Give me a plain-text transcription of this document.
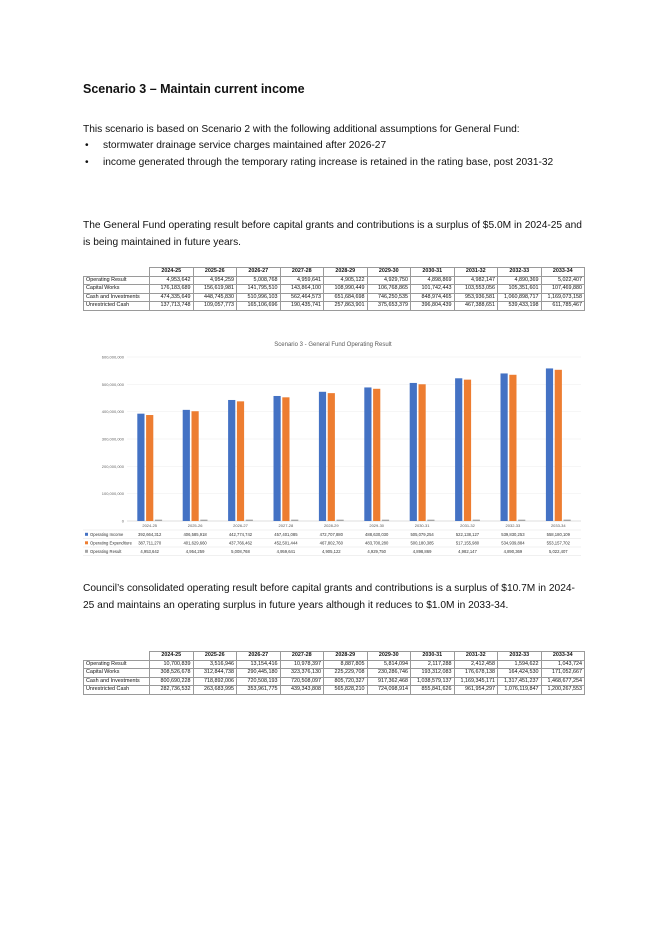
Scenario 3 – Maintain current income

This scenario is based on Scenario 2 with the following additional assumptions for General Fund:

• stormwater drainage service charges maintained after 2026-27
• income generated through the temporary rating increase is retained in the rating base, post 2031-32

The General Fund operating result before capital grants and contributions is a surplus of $5.0M in 2024-25 and is being maintained in future years.

	2024-25	2025-26	2026-27	2027-28	2028-29	2029-30	2030-31	2031-32	2032-33	2033-34
Operating Result	4,953,642	4,954,259	5,008,768	4,959,641	4,905,122	4,929,750	4,898,869	4,982,147	4,890,369	5,022,407
Capital Works	176,183,689	156,619,981	141,795,510	143,864,100	108,990,449	106,768,865	101,742,443	103,553,056	105,351,601	107,469,880
Cash and Investments	474,335,649	448,745,830	510,996,103	562,464,573	651,684,698	746,250,535	848,974,465	953,936,581	1,060,898,717	1,169,073,158
Unrestricted Cash	137,713,748	109,057,773	165,106,696	190,435,741	257,863,901	375,653,379	396,804,439	467,388,651	539,433,198	611,785,467
Scenario 3 - General Fund Operating Result
0
100,000,000
200,000,000
300,000,000
400,000,000
500,000,000
600,000,000
2024-25	2025-26	2026-27	2027-28	2028-29	2029-30	2030-31	2031-32	2032-33	2033-34
Operating Income	392,664,312	406,585,918	442,774,742	457,401,085	472,707,880	488,630,030	505,079,254	522,138,127	539,830,253	558,180,109
Operating Expenditure 387,711,270	401,629,660	437,766,462	452,501,444	467,802,760	483,700,280	500,180,385	517,155,980	534,939,884	553,157,702
Operating Result	4,953,642	4,954,259	5,008,768	4,959,641	4,905,122	4,929,750	4,898,869	4,982,147	4,890,369	5,022,407

Council’s consolidated operating result before capital grants and contributions is a surplus of $10.7M in 2024-25 and maintains an operating surplus in future years although it reduces to $1.0M in 2033-34.

	2024-25	2025-26	2026-27	2027-28	2028-29	2029-30	2030-31	2031-32	2032-33	2033-34
Operating Result	10,700,839	3,516,946	13,154,416	10,978,397	8,887,805	5,814,094	2,117,288	2,412,458	1,594,622	1,043,724
Capital Works	308,526,678	312,844,738	290,445,180	323,376,130	225,229,708	230,286,746	193,312,083	176,678,138	164,424,530	171,052,667
Cash and Investments	800,690,228	718,892,006	720,508,193	720,508,097	805,720,327	917,362,468	1,038,579,137	1,169,345,171	1,317,451,237	1,468,677,254
Unrestricted Cash	282,736,532	263,683,995	353,961,775	439,343,808	565,828,210	724,098,914	855,841,626	961,954,297	1,076,119,847	1,200,267,553
